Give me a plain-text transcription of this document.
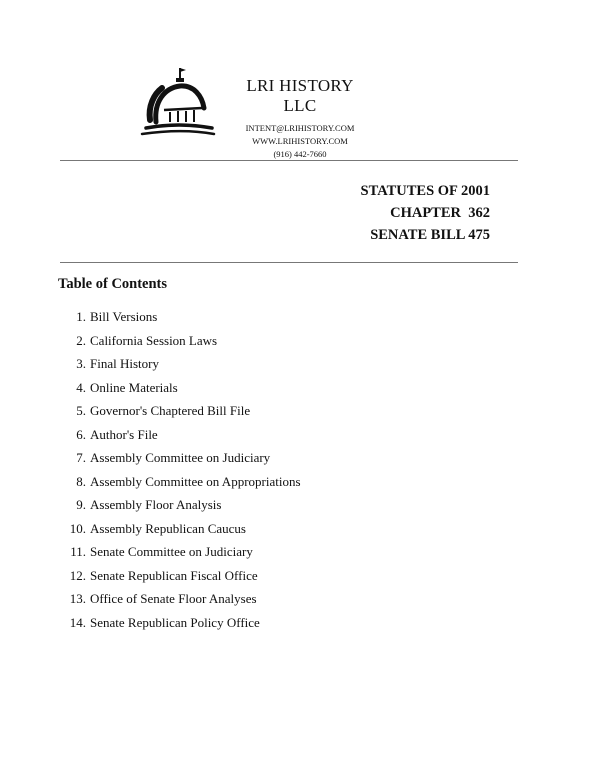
LRI HISTORY LLC
INTENT@LRIHISTORY.COM
WWW.LRIHISTORY.COM
(916) 442-7660
STATUTES OF 2001
CHAPTER  362
SENATE BILL 475
Table of Contents
1. Bill Versions
2. California Session Laws
3. Final History
4. Online Materials
5. Governor's Chaptered Bill File
6. Author's File
7. Assembly Committee on Judiciary
8. Assembly Committee on Appropriations
9. Assembly Floor Analysis
10. Assembly Republican Caucus
11. Senate Committee on Judiciary
12. Senate Republican Fiscal Office
13. Office of Senate Floor Analyses
14. Senate Republican Policy Office
